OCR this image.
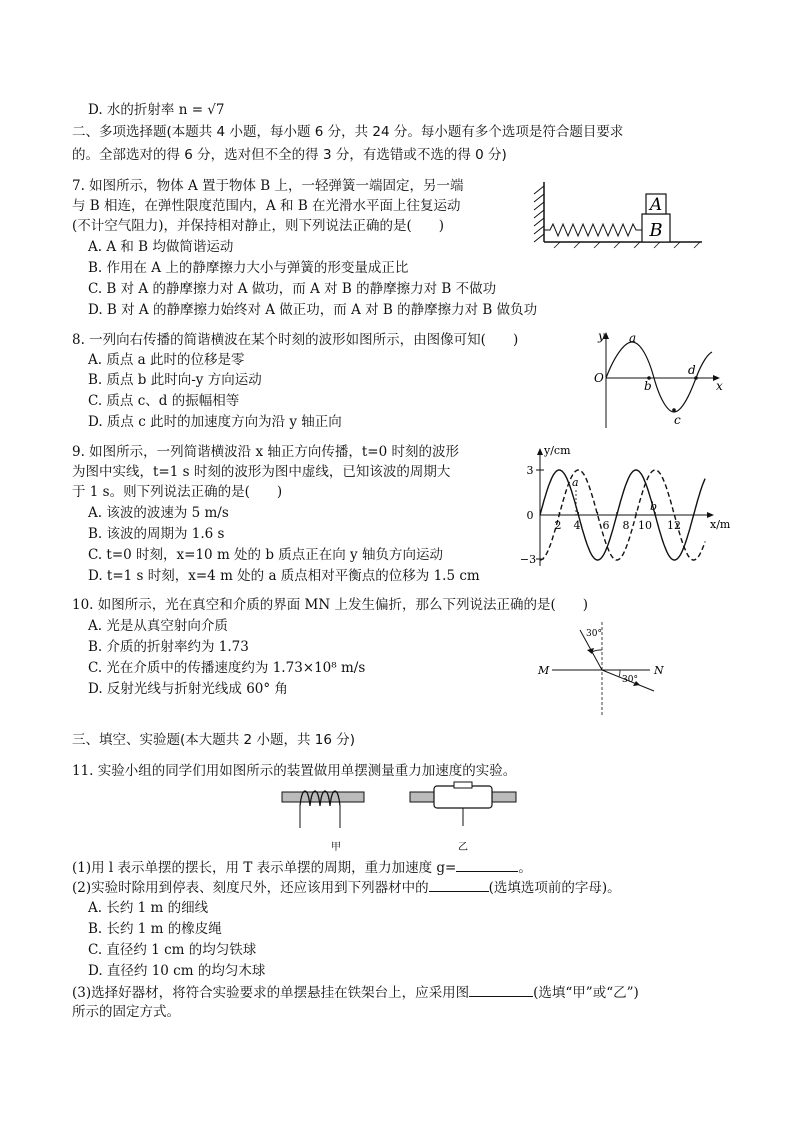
D. 水的折射率 n = √7
二、多项选择题(本题共 4 小题，每小题 6 分，共 24 分。每小题有多个选项是符合题目要求
的。全部选对的得 6 分，选对但不全的得 3 分，有选错或不选的得 0 分)
7. 如图所示，物体 A 置于物体 B 上，一轻弹簧一端固定，另一端
与 B 相连，在弹性限度范围内，A 和 B 在光滑水平面上往复运动
(不计空气阻力)，并保持相对静止，则下列说法正确的是(　　)
A. A 和 B 均做简谐运动
B. 作用在 A 上的静摩擦力大小与弹簧的形变量成正比
C. B 对 A 的静摩擦力对 A 做功，而 A 对 B 的静摩擦力对 B 不做功
D. B 对 A 的静摩擦力始终对 A 做正功，而 A 对 B 的静摩擦力对 B 做负功
A
B
8. 一列向右传播的简谐横波在某个时刻的波形如图所示，由图像可知(　　)
A. 质点 a 此时的位移是零
B. 质点 b 此时向-y 方向运动
C. 质点 c、d 的振幅相等
D. 质点 c 此时的加速度方向为沿 y 轴正向
y
x
O
a
b
c
d
9. 如图所示，一列简谐横波沿 x 轴正方向传播，t=0 时刻的波形
为图中实线，t=1 s 时刻的波形为图中虚线，已知该波的周期大
于 1 s。则下列说法正确的是(　　)
A. 该波的波速为 5 m/s
B. 该波的周期为 1.6 s
C. t=0 时刻，x=10 m 处的 b 质点正在向 y 轴负方向运动
D. t=1 s 时刻，x=4 m 处的 a 质点相对平衡点的位移为 1.5 cm
y/cm
x/m
3
0
−3
2 4 6 8 10 12
a
b
10. 如图所示，光在真空和介质的界面 MN 上发生偏折，那么下列说法正确的是(　　)
A. 光是从真空射向介质
B. 介质的折射率约为 1.73
C. 光在介质中的传播速度约为 1.73×10⁸ m/s
D. 反射光线与折射光线成 60° 角
M	N
30°
30°
三、填空、实验题(本大题共 2 小题，共 16 分)
11. 实验小组的同学们用如图所示的装置做用单摆测量重力加速度的实验。
甲	乙
(1)用 l 表示单摆的摆长，用 T 表示单摆的周期，重力加速度 g=	。
(2)实验时除用到停表、刻度尺外，还应该用到下列器材中的	(选填选项前的字母)。
A. 长约 1 m 的细线
B. 长约 1 m 的橡皮绳
C. 直径约 1 cm 的均匀铁球
D. 直径约 10 cm 的均匀木球
(3)选择好器材，将符合实验要求的单摆悬挂在铁架台上，应采用图	(选填“甲”或“乙”)
所示的固定方式。
